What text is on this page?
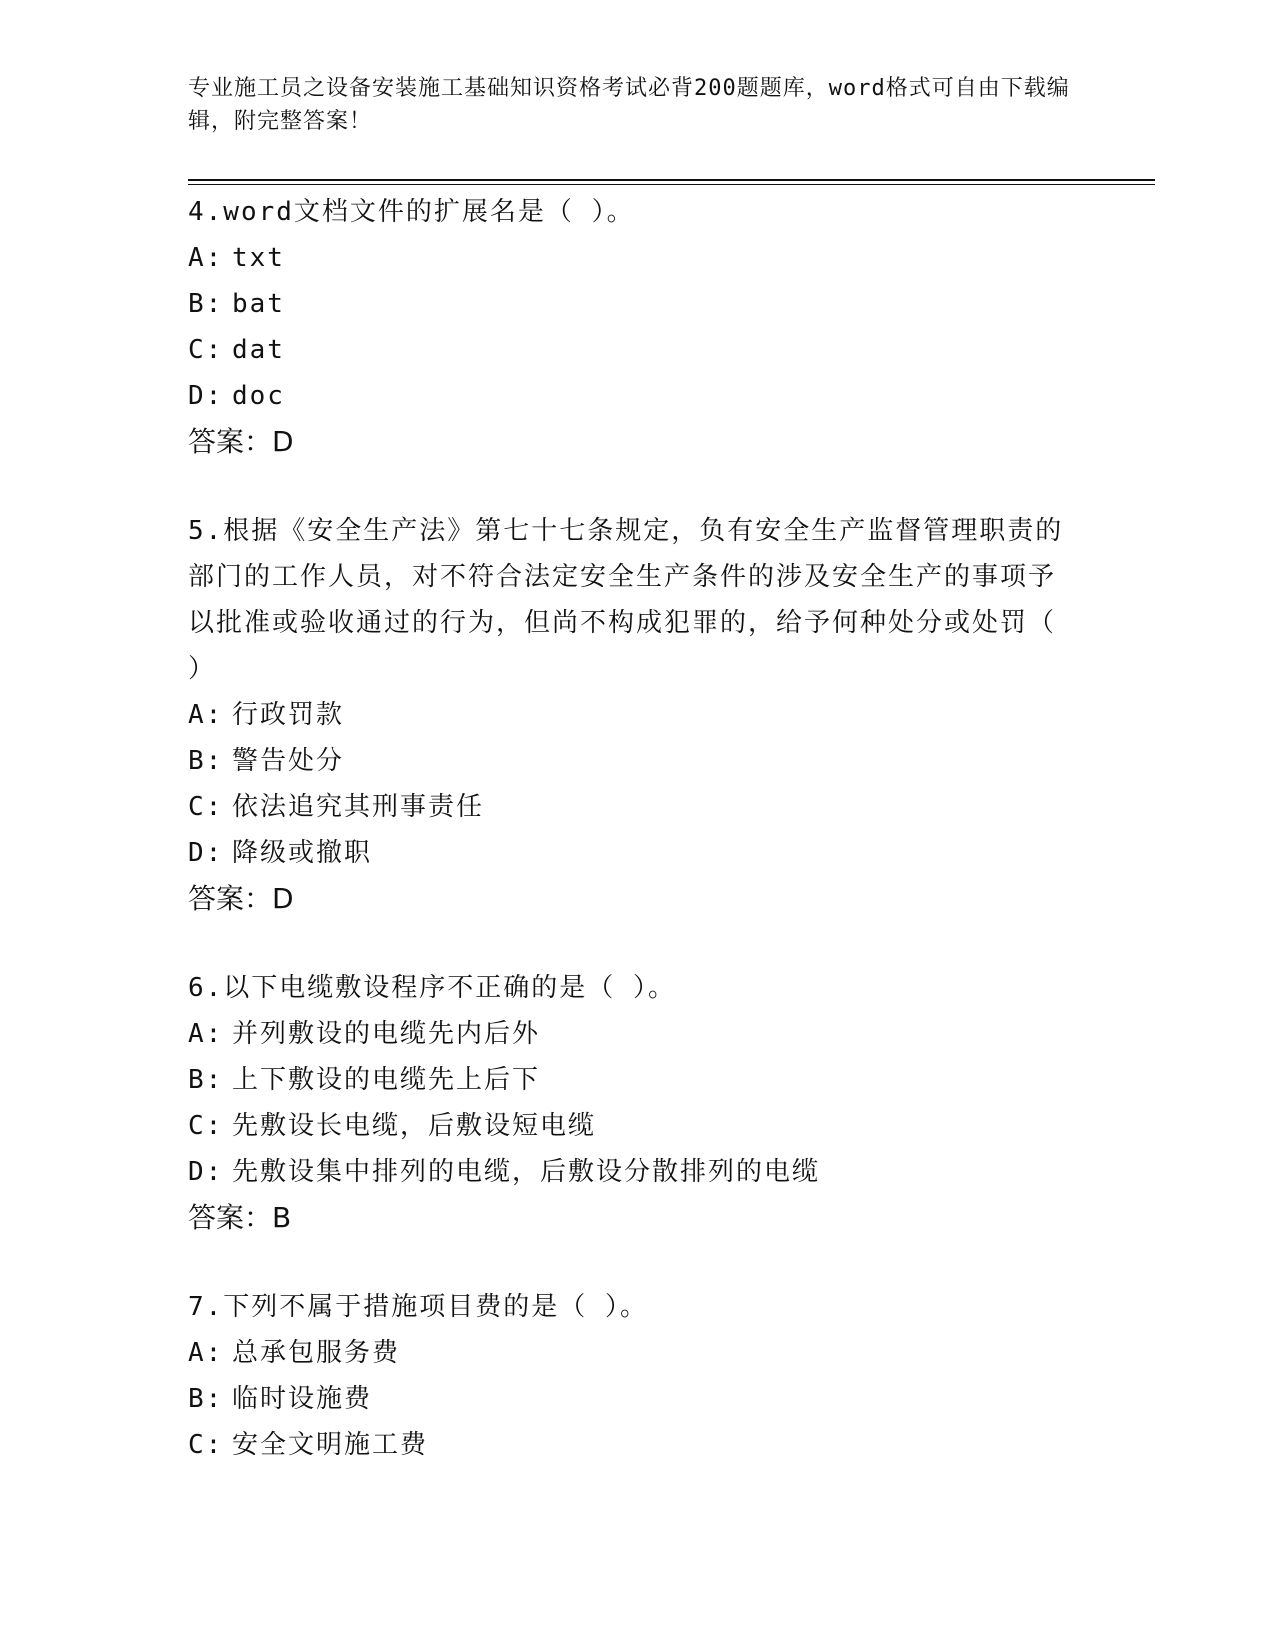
专业施工员之设备安装施工基础知识资格考试必背200题题库，word格式可自由下载编辑，附完整答案！

4.word文档文件的扩展名是（ ）。

A: txt

B: bat

C: dat

D: doc

答案：D

5.根据《安全生产法》第七十七条规定，负有安全生产监督管理职责的部门的工作人员，对不符合法定安全生产条件的涉及安全生产的事项予以批准或验收通过的行为，但尚不构成犯罪的，给予何种处分或处罚（ ）

A: 行政罚款

B: 警告处分

C: 依法追究其刑事责任

D: 降级或撤职

答案：D

6.以下电缆敷设程序不正确的是（ ）。

A: 并列敷设的电缆先内后外

B: 上下敷设的电缆先上后下

C: 先敷设长电缆，后敷设短电缆

D: 先敷设集中排列的电缆，后敷设分散排列的电缆

答案：B

7.下列不属于措施项目费的是（ ）。

A: 总承包服务费

B: 临时设施费

C: 安全文明施工费
